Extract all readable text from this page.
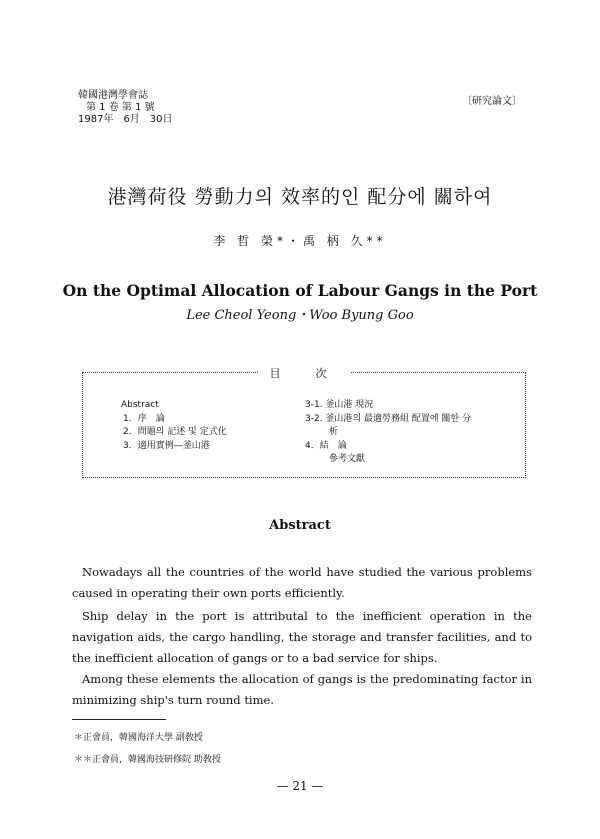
韓國港灣學會誌
第 1 卷 第 1 號
1987年　6月　30日
〔研究論文〕
港灣荷役 勞動力의 效率的인 配分에 關하여
李 哲 榮*・禹 柄 久**
On the Optimal Allocation of Labour Gangs in the Port
Lee Cheol Yeong・Woo Byung Goo
目　次
Abstract
1．序　論
2．問題의 記述 및 定式化
3．適用實例―釜山港
3-1. 釜山港 現況
3-2. 釜山港의 最適勞務組 配置에 關한 分
析
4．結　論
參考文獻
Abstract
Nowadays all the countries of the world have studied the various problems caused in operating their own ports efficiently.
Ship delay in the port is attributal to the inefficient operation in the navigation aids, the cargo handling, the storage and transfer facilities, and to the inefficient allocation of gangs or to a bad service for ships.
Among these elements the allocation of gangs is the predominating factor in minimizing ship's turn round time.
＊正會員，韓國海洋大學 副敎授
＊＊正會員，韓國海技硏修院 助敎授
— 21 —
